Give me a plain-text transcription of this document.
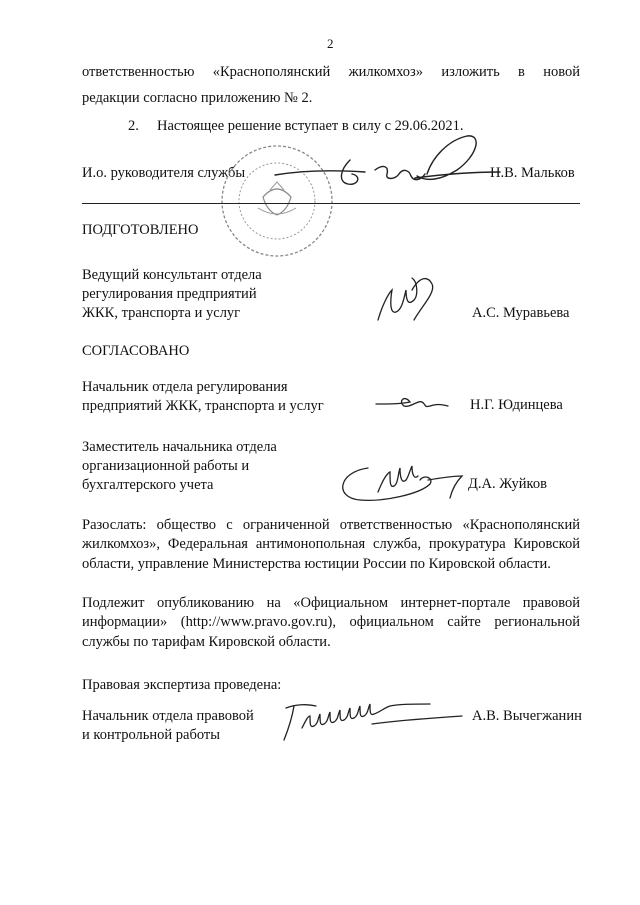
2
ответственностью «Краснополянский жилкомхоз» изложить в новой
редакции согласно приложению № 2.
2. Настоящее решение вступает в силу с 29.06.2021.
И.о. руководителя службы	Н.В. Мальков
ПОДГОТОВЛЕНО
Ведущий консультант отдела
регулирования предприятий
ЖКК, транспорта и услуг	А.С. Муравьева
СОГЛАСОВАНО
Начальник отдела регулирования
предприятий ЖКК, транспорта и услуг	Н.Г. Юдинцева
Заместитель начальника отдела
организационной работы и
бухгалтерского учета	Д.А. Жуйков
Разослать: общество с ограниченной ответственностью «Краснополянский
жилкомхоз», Федеральная антимонопольная служба, прокуратура Кировской
области, управление Министерства юстиции России по Кировской области.
Подлежит опубликованию на «Официальном интернет-портале правовой
информации» (http://www.pravo.gov.ru), официальном сайте региональной
службы по тарифам Кировской области.
Правовая экспертиза проведена:
Начальник отдела правовой
и контрольной работы
А.В. Вычегжанин
